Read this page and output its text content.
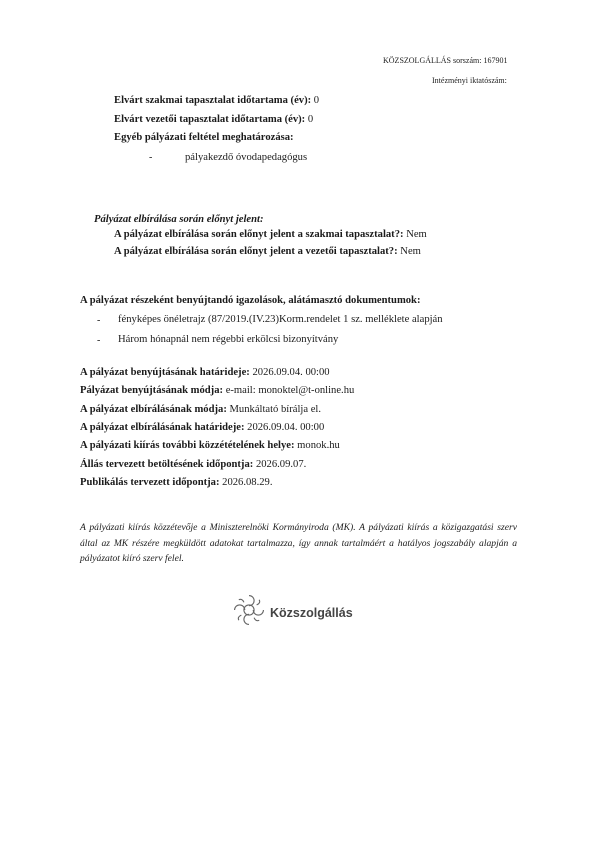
KÖZSZOLGÁLLÁS sorszám: 167901
Intézményi iktatószám:
Elvárt szakmai tapasztalat időtartama (év): 0
Elvárt vezetői tapasztalat időtartama (év): 0
Egyéb pályázati feltétel meghatározása:
-	pályakezdő óvodapedagógus
Pályázat elbírálása során előnyt jelent:
A pályázat elbírálása során előnyt jelent a szakmai tapasztalat?: Nem
A pályázat elbírálása során előnyt jelent a vezetői tapasztalat?: Nem
A pályázat részeként benyújtandó igazolások, alátámasztó dokumentumok:
- fényképes önéletrajz (87/2019.(IV.23)Korm.rendelet 1 sz. melléklete alapján
- Három hónapnál nem régebbi erkölcsi bizonyítvány
A pályázat benyújtásának határideje: 2026.09.04. 00:00
Pályázat benyújtásának módja: e-mail: monoktel@t-online.hu
A pályázat elbírálásának módja: Munkáltató bírálja el.
A pályázat elbírálásának határideje: 2026.09.04. 00:00
A pályázati kiírás további közzétételének helye: monok.hu
Állás tervezett betöltésének időpontja: 2026.09.07.
Publikálás tervezett időpontja: 2026.08.29.
A pályázati kiírás közzétevője a Miniszterelnöki Kormányiroda (MK). A pályázati kiírás a közigazgatási szerv által az MK részére megküldött adatokat tartalmazza, így annak tartalmáért a hatályos jogszabály alapján a pályázatot kiíró szerv felel.
Közszolgállás
